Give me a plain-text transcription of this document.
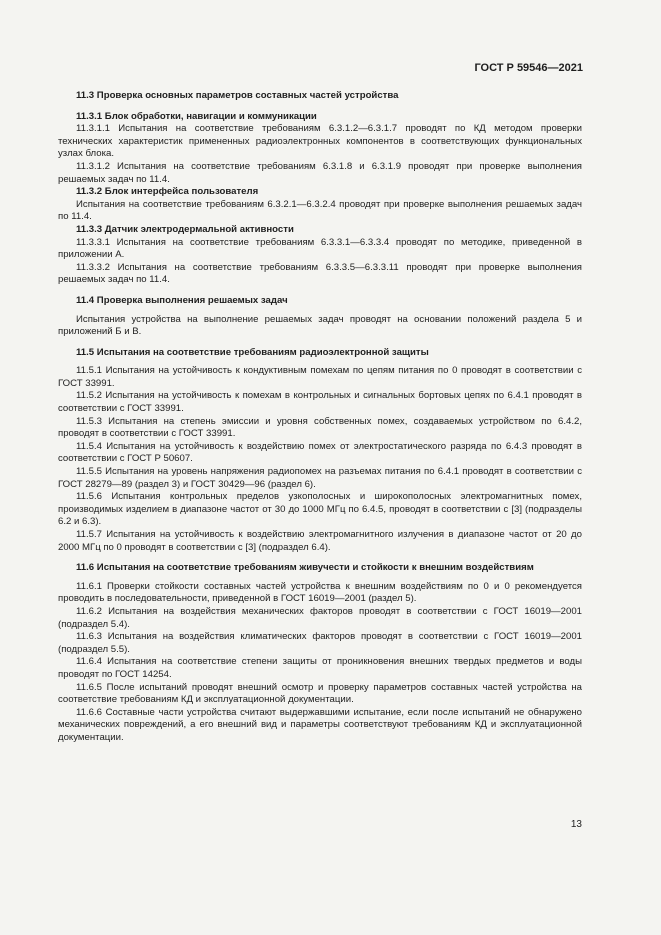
ГОСТ Р 59546—2021

11.3 Проверка основных параметров составных частей устройства

11.3.1 Блок обработки, навигации и коммуникации

11.3.1.1 Испытания на соответствие требованиям 6.3.1.2—6.3.1.7 проводят по КД методом проверки технических характеристик примененных радиоэлектронных компонентов в соответствующих функциональных узлах блока.

11.3.1.2 Испытания на соответствие требованиям 6.3.1.8 и 6.3.1.9 проводят при проверке выполнения решаемых задач по 11.4.

11.3.2 Блок интерфейса пользователя

Испытания на соответствие требованиям 6.3.2.1—6.3.2.4 проводят при проверке выполнения решаемых задач по 11.4.

11.3.3 Датчик электродермальной активности

11.3.3.1 Испытания на соответствие требованиям 6.3.3.1—6.3.3.4 проводят по методике, приведенной в приложении А.

11.3.3.2 Испытания на соответствие требованиям 6.3.3.5—6.3.3.11 проводят при проверке выполнения решаемых задач по 11.4.

11.4 Проверка выполнения решаемых задач

Испытания устройства на выполнение решаемых задач проводят на основании положений раздела 5 и приложений Б и В.

11.5 Испытания на соответствие требованиям радиоэлектронной защиты

11.5.1 Испытания на устойчивость к кондуктивным помехам по цепям питания по 0 проводят в соответствии с ГОСТ 33991.

11.5.2 Испытания на устойчивость к помехам в контрольных и сигнальных бортовых цепях по 6.4.1 проводят в соответствии с ГОСТ 33991.

11.5.3 Испытания на степень эмиссии и уровня собственных помех, создаваемых устройством по 6.4.2, проводят в соответствии с ГОСТ 33991.

11.5.4 Испытания на устойчивость к воздействию помех от электростатического разряда по 6.4.3 проводят в соответствии с ГОСТ Р 50607.

11.5.5 Испытания на уровень напряжения радиопомех на разъемах питания по 6.4.1 проводят в соответствии с ГОСТ 28279—89 (раздел 3) и ГОСТ 30429—96 (раздел 6).

11.5.6 Испытания контрольных пределов узкополосных и широкополосных электромагнитных помех, производимых изделием в диапазоне частот от 30 до 1000 МГц по 6.4.5, проводят в соответствии с [3] (подразделы 6.2 и 6.3).

11.5.7 Испытания на устойчивость к воздействию электромагнитного излучения в диапазоне частот от 20 до 2000 МГц по 0 проводят в соответствии с [3] (подраздел 6.4).

11.6 Испытания на соответствие требованиям живучести и стойкости к внешним воздействиям

11.6.1 Проверки стойкости составных частей устройства к внешним воздействиям по 0 и 0 рекомендуется проводить в последовательности, приведенной в ГОСТ 16019—2001 (раздел 5).

11.6.2 Испытания на воздействия механических факторов проводят в соответствии с ГОСТ 16019—2001 (подраздел 5.4).

11.6.3 Испытания на воздействия климатических факторов проводят в соответствии с ГОСТ 16019—2001 (подраздел 5.5).

11.6.4 Испытания на соответствие степени защиты от проникновения внешних твердых предметов и воды проводят по ГОСТ 14254.

11.6.5 После испытаний проводят внешний осмотр и проверку параметров составных частей устройства на соответствие требованиям КД и эксплуатационной документации.

11.6.6 Составные части устройства считают выдержавшими испытание, если после испытаний не обнаружено механических повреждений, а его внешний вид и параметры соответствуют требованиям КД и эксплуатационной документации.

13
